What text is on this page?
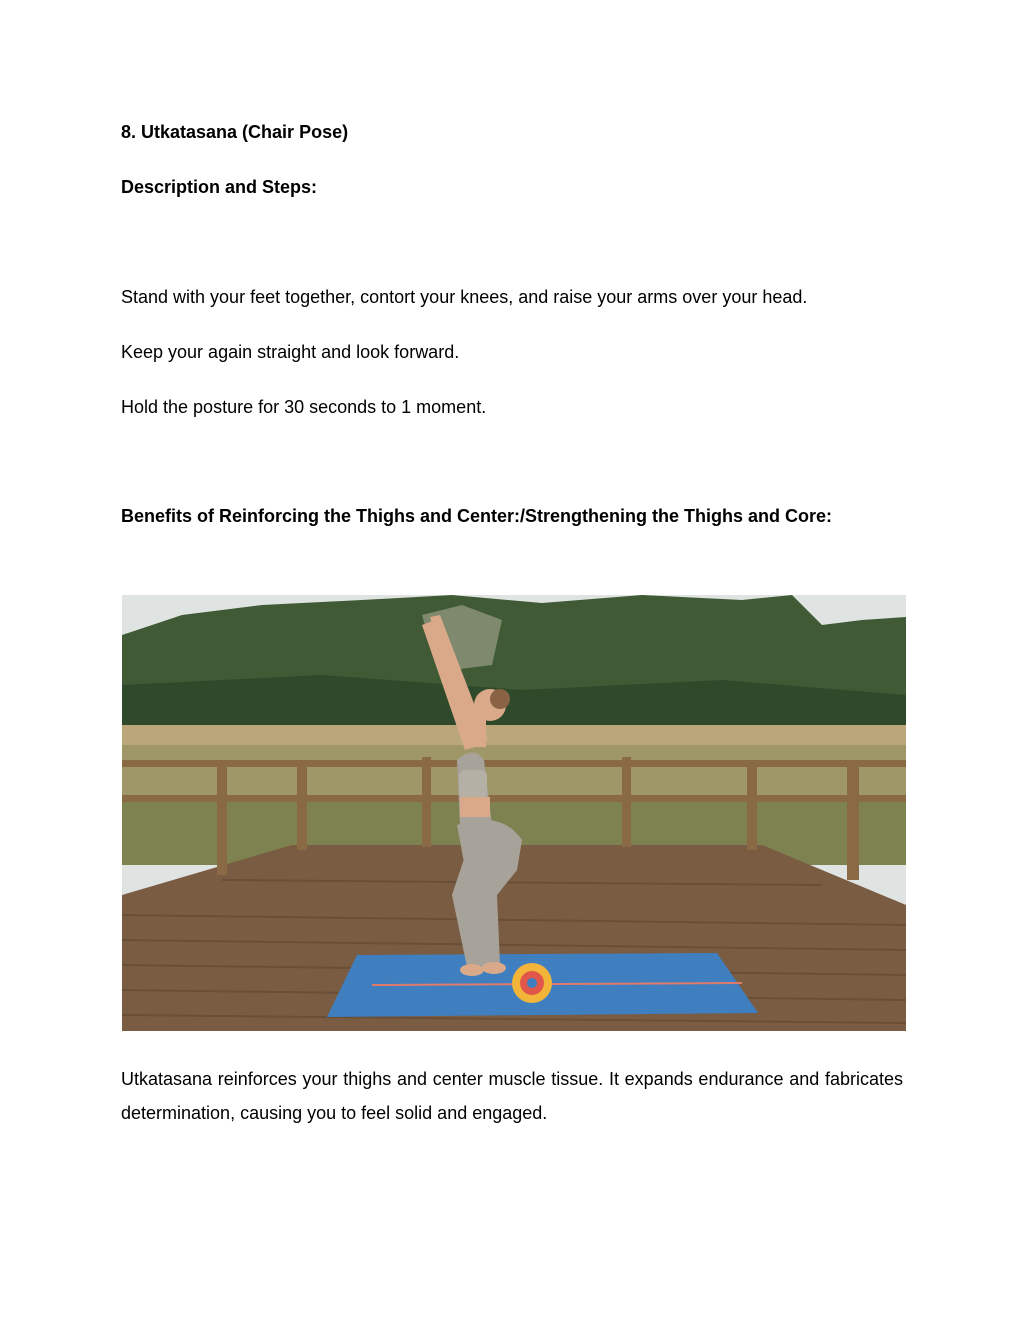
8. Utkatasana (Chair Pose)

Description and Steps:

Stand with your feet together, contort your knees, and raise your arms over your head.

Keep your again straight and look forward.

Hold the posture for 30 seconds to 1 moment.

Benefits of Reinforcing the Thighs and Center:/Strengthening the Thighs and Core:

Utkatasana reinforces your thighs and center muscle tissue. It expands endurance and fabricates determination, causing you to feel solid and engaged.
